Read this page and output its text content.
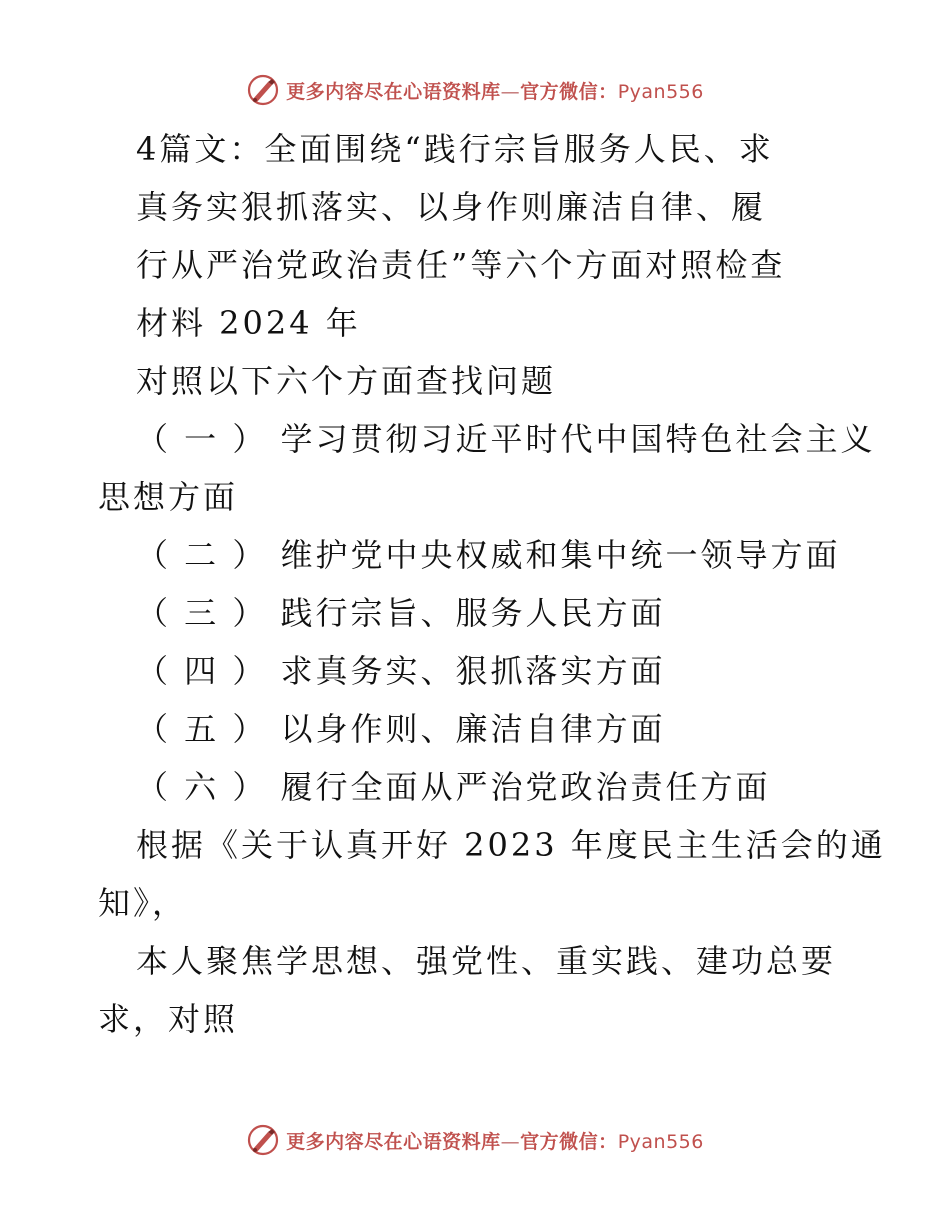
更多内容尽在心语资料库—官方微信：Pyan556
4篇文：全面围绕“践行宗旨服务人民、求
真务实狠抓落实、以身作则廉洁自律、履
行从严治党政治责任”等六个方面对照检查
材料 2024 年
对照以下六个方面查找问题
（ 一 ） 学习贯彻习近平时代中国特色社会主义
思想方面
（ 二 ） 维护党中央权威和集中统一领导方面
（ 三 ） 践行宗旨、服务人民方面
（ 四 ） 求真务实、狠抓落实方面
（ 五 ） 以身作则、廉洁自律方面
（ 六 ） 履行全面从严治党政治责任方面
根据《关于认真开好 2023 年度民主生活会的通
知》，
本人聚焦学思想、强党性、重实践、建功总要
求，对照
更多内容尽在心语资料库—官方微信：Pyan556
